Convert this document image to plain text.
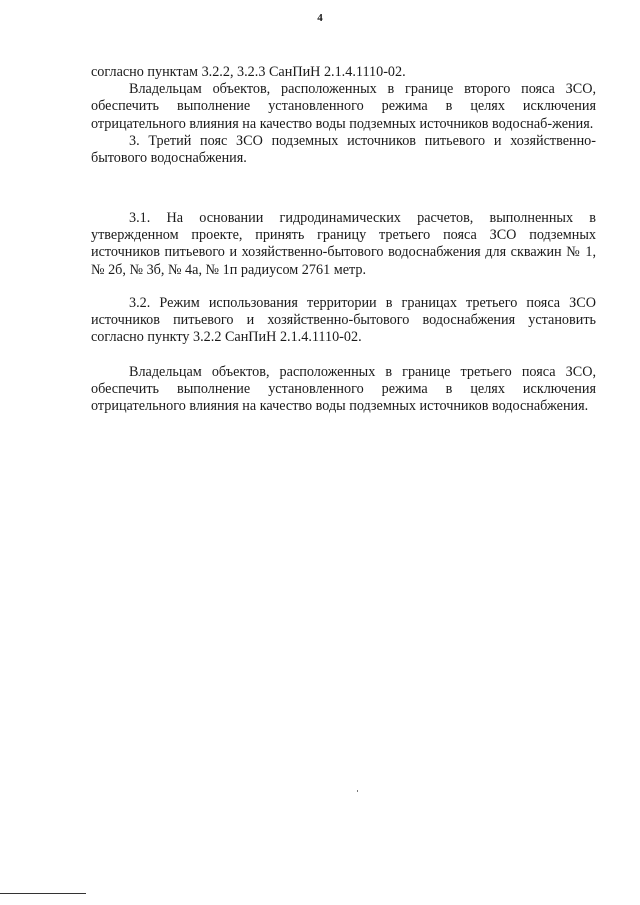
4

согласно пунктам 3.2.2, 3.2.3 СанПиН 2.1.4.1110-02.

Владельцам объектов, расположенных в границе второго пояса ЗСО, обеспечить выполнение установленного режима в целях исключения отрицательного влияния на качество воды подземных источников водоснаб-жения.

3. Третий пояс ЗСО подземных источников питьевого и хозяйственно-бытового водоснабжения.

3.1. На основании гидродинамических расчетов, выполненных в утвержденном проекте, принять границу третьего пояса ЗСО подземных источников питьевого и хозяйственно-бытового водоснабжения для скважин № 1, № 2б, № 3б, № 4а, № 1п радиусом 2761 метр.

3.2. Режим использования территории в границах третьего пояса ЗСО источников питьевого и хозяйственно-бытового водоснабжения установить согласно пункту 3.2.2 СанПиН 2.1.4.1110-02.

Владельцам объектов, расположенных в границе третьего пояса ЗСО, обеспечить выполнение установленного режима в целях исключения отрицательного влияния на качество воды подземных источников водоснабжения.
